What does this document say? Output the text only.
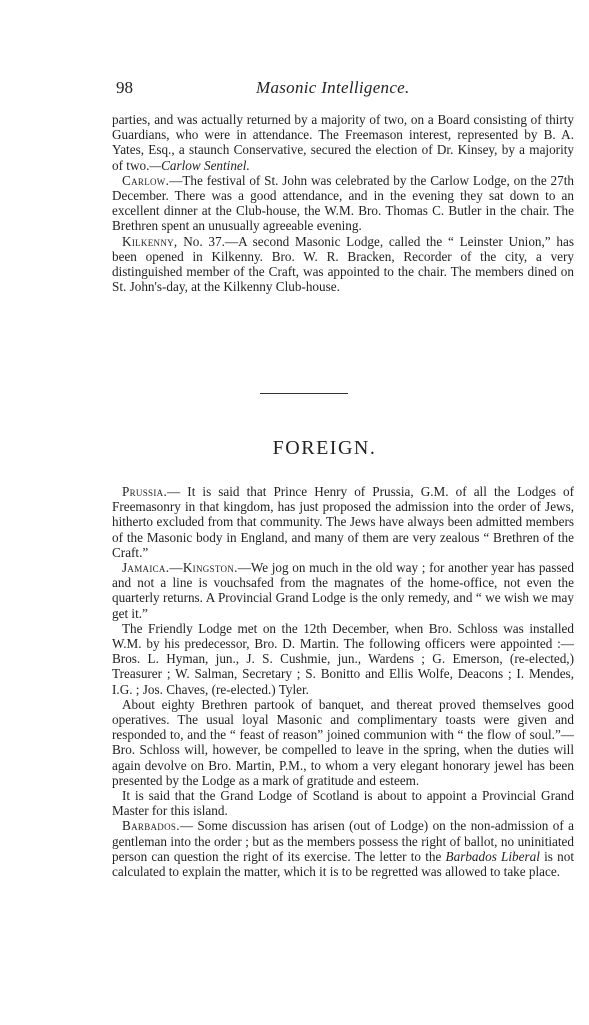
98	Masonic Intelligence.

parties, and was actually returned by a majority of two, on a Board consisting of thirty Guardians, who were in attendance. The Freemason interest, represented by B. A. Yates, Esq., a staunch Conservative, secured the election of Dr. Kinsey, by a majority of two.—Carlow Sentinel.

Carlow.—The festival of St. John was celebrated by the Carlow Lodge, on the 27th December. There was a good attendance, and in the evening they sat down to an excellent dinner at the Club-house, the W.M. Bro. Thomas C. Butler in the chair. The Brethren spent an unusually agreeable evening.

Kilkenny, No. 37.—A second Masonic Lodge, called the “ Leinster Union,” has been opened in Kilkenny. Bro. W. R. Bracken, Recorder of the city, a very distinguished member of the Craft, was appointed to the chair. The members dined on St. John's-day, at the Kilkenny Club-house.

FOREIGN.

Prussia.— It is said that Prince Henry of Prussia, G.M. of all the Lodges of Freemasonry in that kingdom, has just proposed the admission into the order of Jews, hitherto excluded from that community. The Jews have always been admitted members of the Masonic body in England, and many of them are very zealous “ Brethren of the Craft.”

Jamaica.—Kingston.—We jog on much in the old way ; for another year has passed and not a line is vouchsafed from the magnates of the home-office, not even the quarterly returns. A Provincial Grand Lodge is the only remedy, and “ we wish we may get it.”

The Friendly Lodge met on the 12th December, when Bro. Schloss was installed W.M. by his predecessor, Bro. D. Martin. The following officers were appointed :—Bros. L. Hyman, jun., J. S. Cushmie, jun., Wardens ; G. Emerson, (re-elected,) Treasurer ; W. Salman, Secretary ; S. Bonitto and Ellis Wolfe, Deacons ; I. Mendes, I.G. ; Jos. Chaves, (re-elected.) Tyler.

About eighty Brethren partook of banquet, and thereat proved themselves good operatives. The usual loyal Masonic and complimentary toasts were given and responded to, and the “ feast of reason” joined communion with “ the flow of soul.”—Bro. Schloss will, however, be compelled to leave in the spring, when the duties will again devolve on Bro. Martin, P.M., to whom a very elegant honorary jewel has been presented by the Lodge as a mark of gratitude and esteem.

It is said that the Grand Lodge of Scotland is about to appoint a Provincial Grand Master for this island.

Barbados.— Some discussion has arisen (out of Lodge) on the non-admission of a gentleman into the order ; but as the members possess the right of ballot, no uninitiated person can question the right of its exercise. The letter to the Barbados Liberal is not calculated to explain the matter, which it is to be regretted was allowed to take place.
